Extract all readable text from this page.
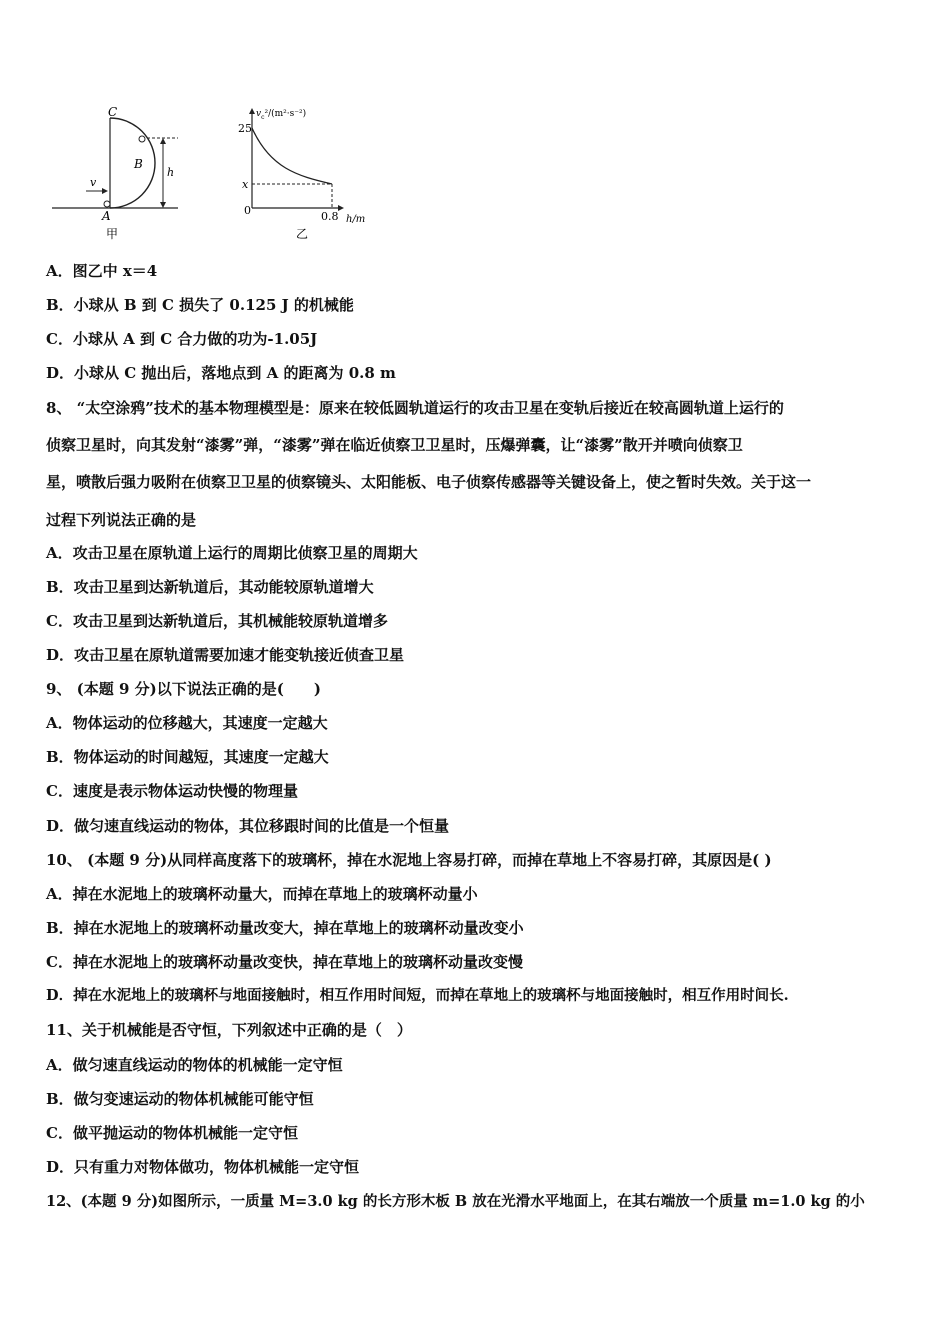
C
B
A
v
h
甲
$v_c^2/(m^2\cdot s^{-2})$
25
x
0	0.8 h/m
乙
A．图乙中 x＝4
B．小球从 B 到 C 损失了 0.125 J 的机械能
C．小球从 A 到 C 合力做的功为-1.05J
D．小球从 C 抛出后，落地点到 A 的距离为 0.8 m
8、 “太空涂鸦”技术的基本物理模型是：原来在较低圆轨道运行的攻击卫星在变轨后接近在较高圆轨道上运行的
侦察卫星时，向其发射“漆雾”弹，“漆雾”弹在临近侦察卫卫星时，压爆弹囊，让“漆雾”散开并喷向侦察卫
星，喷散后强力吸附在侦察卫卫星的侦察镜头、太阳能板、电子侦察传感器等关键设备上，使之暂时失效。关于这一
过程下列说法正确的是
A．攻击卫星在原轨道上运行的周期比侦察卫星的周期大
B．攻击卫星到达新轨道后，其动能较原轨道增大
C．攻击卫星到达新轨道后，其机械能较原轨道增多
D．攻击卫星在原轨道需要加速才能变轨接近侦查卫星
9、 (本题 9 分)以下说法正确的是(　　)
A．物体运动的位移越大，其速度一定越大
B．物体运动的时间越短，其速度一定越大
C．速度是表示物体运动快慢的物理量
D．做匀速直线运动的物体，其位移跟时间的比值是一个恒量
10、 (本题 9 分)从同样高度落下的玻璃杯，掉在水泥地上容易打碎，而掉在草地上不容易打碎，其原因是( )
A．掉在水泥地上的玻璃杯动量大，而掉在草地上的玻璃杯动量小
B．掉在水泥地上的玻璃杯动量改变大，掉在草地上的玻璃杯动量改变小
C．掉在水泥地上的玻璃杯动量改变快，掉在草地上的玻璃杯动量改变慢
D．掉在水泥地上的玻璃杯与地面接触时，相互作用时间短，而掉在草地上的玻璃杯与地面接触时，相互作用时间长.
11、关于机械能是否守恒，下列叙述中正确的是（　）
A．做匀速直线运动的物体的机械能一定守恒
B．做匀变速运动的物体机械能可能守恒
C．做平抛运动的物体机械能一定守恒
D．只有重力对物体做功，物体机械能一定守恒
12、(本题 9 分)如图所示，一质量 M=3.0 kg 的长方形木板 B 放在光滑水平地面上，在其右端放一个质量 m=1.0 kg 的小
